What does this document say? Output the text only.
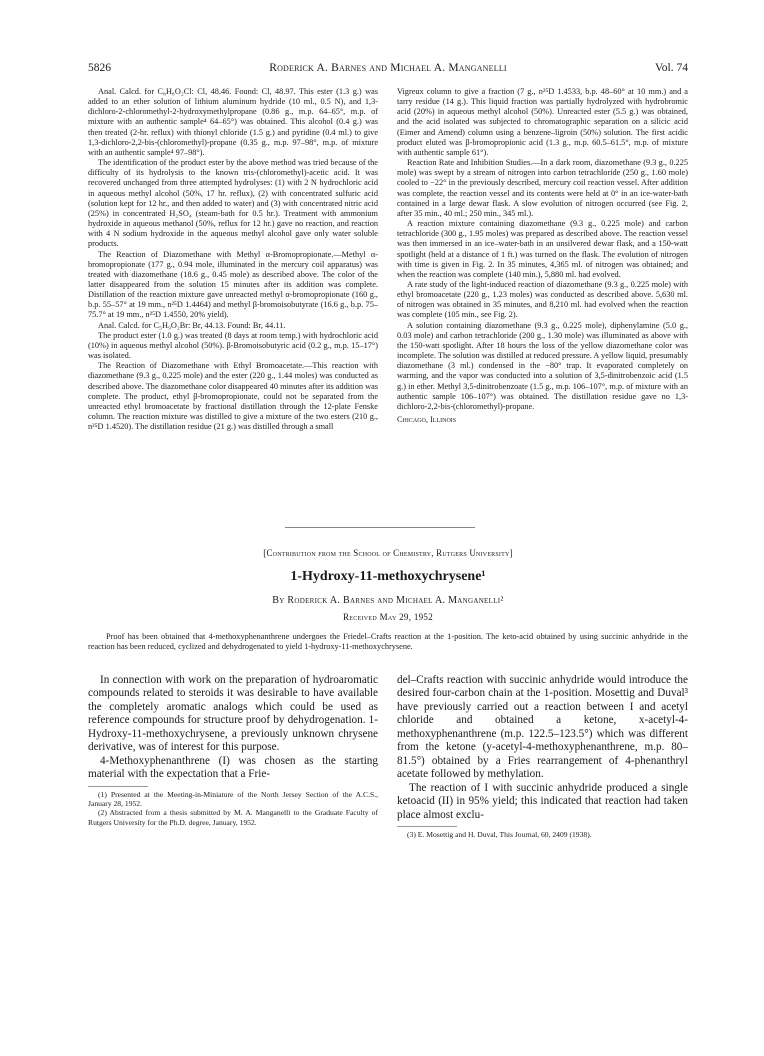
5826	Roderick A. Barnes and Michael A. Manganelli	Vol. 74

Anal. Calcd. for C₈H₈O₂Cl: Cl, 48.46. Found: Cl, 48.97. This ester (1.3 g.) was added to an ether solution of lithium aluminum hydride (10 ml., 0.5 N), and 1,3-dichloro-2-chloromethyl-2-hydroxymethylpropane (0.86 g., m.p. 64–65°, m.p. of mixture with an authentic sample⁴ 64–65°) was obtained. This alcohol (0.4 g.) was then treated (2-hr. reflux) with thionyl chloride (1.5 g.) and pyridine (0.4 ml.) to give 1,3-dichloro-2,2-bis-(chloromethyl)-propane (0.35 g., m.p. 97–98°, m.p. of mixture with an authentic sample⁴ 97–98°).

The identification of the product ester by the above method was tried because of the difficulty of its hydrolysis to the known tris-(chloromethyl)-acetic acid. It was recovered unchanged from three attempted hydrolyses: (1) with 2 N hydrochloric acid in aqueous methyl alcohol (50%, 17 hr. reflux), (2) with concentrated sulfuric acid (solution kept for 12 hr., and then added to water) and (3) with concentrated nitric acid (25%) in concentrated H₂SO₄ (steam-bath for 0.5 hr.). Treatment with ammonium hydroxide in aqueous methanol (50%, reflux for 12 hr.) gave no reaction, and reaction with 4 N sodium hydroxide in the aqueous methyl alcohol gave only water soluble products.

The Reaction of Diazomethane with Methyl α-Bromopropionate.—Methyl α-bromopropionate (177 g., 0.94 mole, illuminated in the mercury coil apparatus) was treated with diazomethane (18.6 g., 0.45 mole) as described above. The color of the latter disappeared from the solution 15 minutes after its addition was complete. Distillation of the reaction mixture gave unreacted methyl α-bromopropionate (160 g., b.p. 55–57° at 19 mm., n²⁵D 1.4464) and methyl β-bromoisobutyrate (16.6 g., b.p. 75–75.7° at 19 mm., n²⁵D 1.4550, 20% yield).

Anal. Calcd. for C₅H₉O₂Br: Br, 44.13. Found: Br, 44.11.

The product ester (1.0 g.) was treated (8 days at room temp.) with hydrochloric acid (10%) in aqueous methyl alcohol (50%). β-Bromoisobutyric acid (0.2 g., m.p. 15–17°) was isolated.

The Reaction of Diazomethane with Ethyl Bromoacetate.—This reaction with diazomethane (9.3 g., 0.225 mole) and the ester (220 g., 1.44 moles) was conducted as described above. The diazomethane color disappeared 40 minutes after its addition was complete. The product, ethyl β-bromopropionate, could not be separated from the unreacted ethyl bromoacetate by fractional distillation through the 12-plate Fenske column. The reaction mixture was distilled to give a mixture of the two esters (210 g., n²⁵D 1.4520). The distillation residue (21 g.) was distilled through a small

Vigreux column to give a fraction (7 g., n²⁵D 1.4533, b.p. 48–60° at 10 mm.) and a tarry residue (14 g.). This liquid fraction was partially hydrolyzed with hydrobromic acid (20%) in aqueous methyl alcohol (50%). Unreacted ester (5.5 g.) was obtained, and the acid isolated was subjected to chromatographic separation on a silicic acid (Eimer and Amend) column using a benzene–ligroin (50%) solution. The first acidic product eluted was β-bromopropionic acid (1.3 g., m.p. 60.5–61.5°, m.p. of mixture with authentic sample 61°).

Reaction Rate and Inhibition Studies.—In a dark room, diazomethane (9.3 g., 0.225 mole) was swept by a stream of nitrogen into carbon tetrachloride (250 g., 1.60 mole) cooled to −22° in the previously described, mercury coil reaction vessel. After addition was complete, the reaction vessel and its contents were held at 0° in an ice-water-bath contained in a large dewar flask. A slow evolution of nitrogen occurred (see Fig. 2, after 35 min., 40 ml.; 250 min., 345 ml.).

A reaction mixture containing diazomethane (9.3 g., 0.225 mole) and carbon tetrachloride (300 g., 1.95 moles) was prepared as described above. The reaction vessel was then immersed in an ice–water-bath in an unsilvered dewar flask, and a 150-watt spotlight (held at a distance of 1 ft.) was turned on the flask. The evolution of nitrogen with time is given in Fig. 2. In 35 minutes, 4,365 ml. of nitrogen was obtained; and when the reaction was complete (140 min.), 5,880 ml. had evolved.

A rate study of the light-induced reaction of diazomethane (9.3 g., 0.225 mole) with ethyl bromoacetate (220 g., 1.23 moles) was conducted as described above. 5,630 ml. of nitrogen was obtained in 35 minutes, and 8,210 ml. had evolved when the reaction was complete (105 min., see Fig. 2).

A solution containing diazomethane (9.3 g., 0.225 mole), diphenylamine (5.0 g., 0.03 mole) and carbon tetrachloride (200 g., 1.30 mole) was illuminated as above with the 150-watt spotlight. After 18 hours the loss of the yellow diazomethane color was incomplete. The solution was distilled at reduced pressure. A yellow liquid, presumably diazomethane (3 ml.) condensed in the −80° trap. It evaporated completely on warming, and the vapor was conducted into a solution of 3,5-dinitrobenzoic acid (1.5 g.) in ether. Methyl 3,5-dinitrobenzoate (1.5 g., m.p. 106–107°, m.p. of mixture with an authentic sample 106–107°) was obtained. The distillation residue gave no 1,3-dichloro-2,2-bis-(chloromethyl)-propane.

Chicago, Illinois

[Contribution from the School of Chemistry, Rutgers University]
1-Hydroxy-11-methoxychrysene¹
By Roderick A. Barnes and Michael A. Manganelli²
Received May 29, 1952
Proof has been obtained that 4-methoxyphenanthrene undergoes the Friedel–Crafts reaction at the 1-position. The keto-acid obtained by using succinic anhydride in the reaction has been reduced, cyclized and dehydrogenated to yield 1-hydroxy-11-methoxychrysene.

In connection with work on the preparation of hydroaromatic compounds related to steroids it was desirable to have available the completely aromatic analogs which could be used as reference compounds for structure proof by dehydrogenation. 1-Hydroxy-11-methoxychrysene, a previously unknown chrysene derivative, was of interest for this purpose.

4-Methoxyphenanthrene (I) was chosen as the starting material with the expectation that a Frie-

(1) Presented at the Meeting-in-Miniature of the North Jersey Section of the A.C.S., January 28, 1952.

(2) Abstracted from a thesis submitted by M. A. Manganelli to the Graduate Faculty of Rutgers University for the Ph.D. degree, January, 1952.

del–Crafts reaction with succinic anhydride would introduce the desired four-carbon chain at the 1-position. Mosettig and Duval³ have previously carried out a reaction between I and acetyl chloride and obtained a ketone, x-acetyl-4-methoxyphenanthrene (m.p. 122.5–123.5°) which was different from the ketone (y-acetyl-4-methoxyphenanthrene, m.p. 80–81.5°) obtained by a Fries rearrangement of 4-phenanthryl acetate followed by methylation.

The reaction of I with succinic anhydride produced a single ketoacid (II) in 95% yield; this indicated that reaction had taken place almost exclu-

(3) E. Mosettig and H. Duval, This Journal, 60, 2409 (1938).
